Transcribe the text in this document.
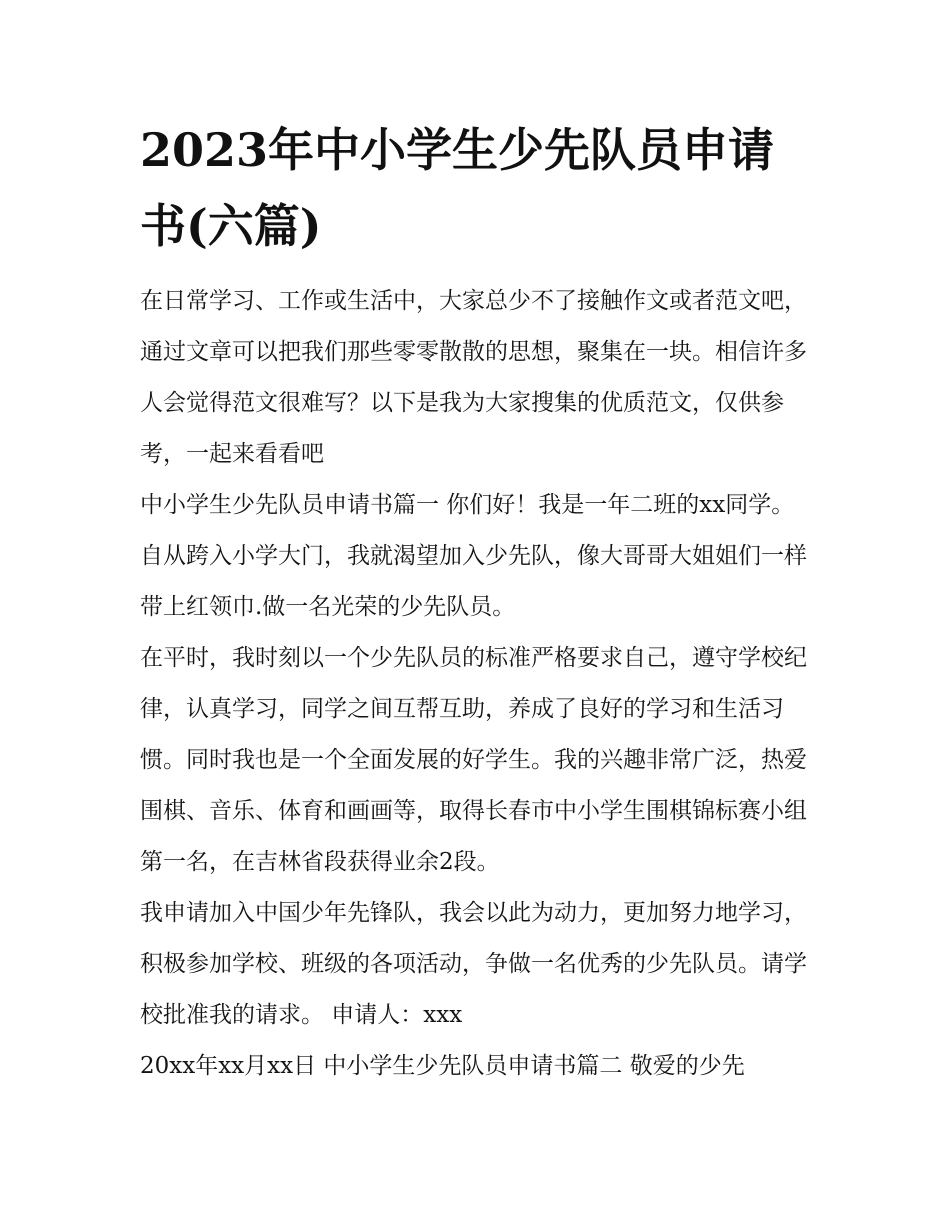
2023年中小学生少先队员申请书(六篇)

在日常学习、工作或生活中，大家总少不了接触作文或者范文吧，通过文章可以把我们那些零零散散的思想，聚集在一块。相信许多人会觉得范文很难写？以下是我为大家搜集的优质范文，仅供参考，一起来看看吧

中小学生少先队员申请书篇一 你们好！我是一年二班的xx同学。自从跨入小学大门，我就渴望加入少先队，像大哥哥大姐姐们一样带上红领巾.做一名光荣的少先队员。

在平时，我时刻以一个少先队员的标准严格要求自己，遵守学校纪律，认真学习，同学之间互帮互助，养成了良好的学习和生活习惯。同时我也是一个全面发展的好学生。我的兴趣非常广泛，热爱围棋、音乐、体育和画画等，取得长春市中小学生围棋锦标赛小组第一名，在吉林省段获得业余2段。

我申请加入中国少年先锋队，我会以此为动力，更加努力地学习，积极参加学校、班级的各项活动，争做一名优秀的少先队员。请学校批准我的请求。 申请人：xxx

20xx年xx月xx日 中小学生少先队员申请书篇二 敬爱的少先
